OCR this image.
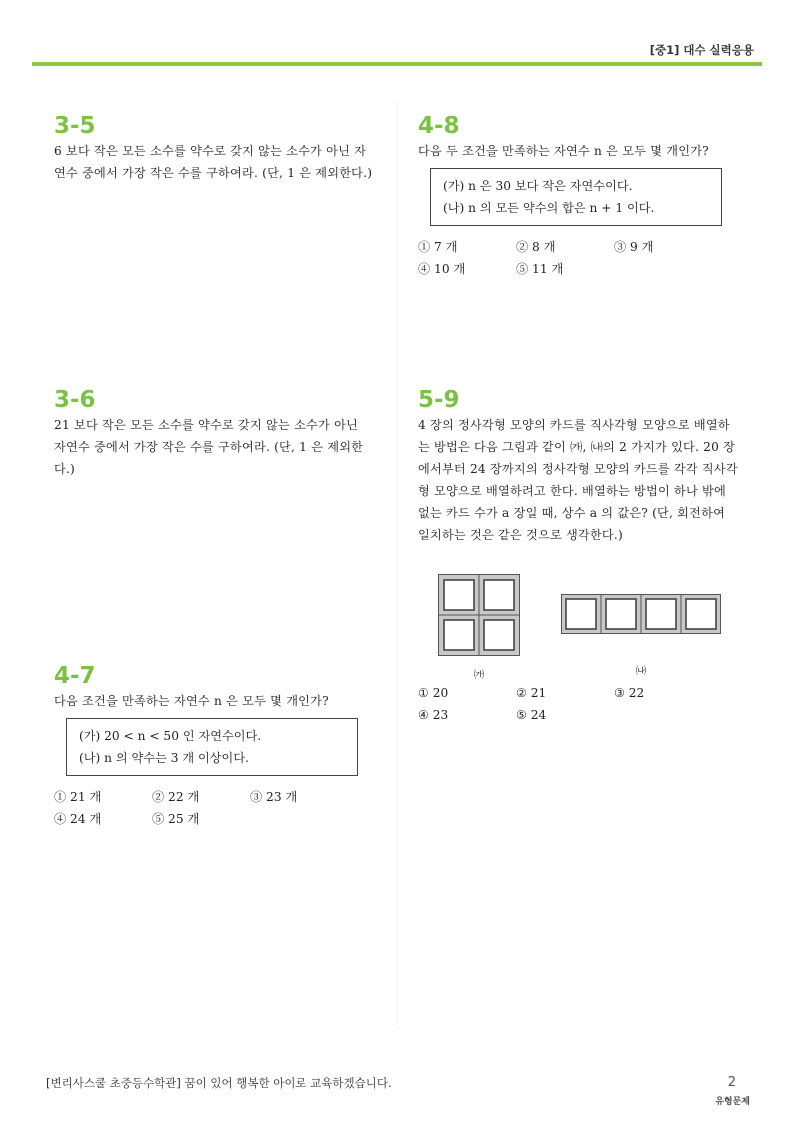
[중1] 대수 실력응용
3-5

6 보다 작은 모든 소수를 약수로 갖지 않는 소수가 아닌 자연수 중에서 가장 작은 수를 구하여라. (단, 1 은 제외한다.)

3-6

21 보다 작은 모든 소수를 약수로 갖지 않는 소수가 아닌 자연수 중에서 가장 작은 수를 구하여라. (단, 1 은 제외한다.)

4-7

다음 조건을 만족하는 자연수 n 은 모두 몇 개인가?

(가) 20 < n < 50 인 자연수이다.
(나) n 의 약수는 3 개 이상이다.
① 21 개	② 22 개	③ 23 개
④ 24 개	⑤ 25 개
4-8

다음 두 조건을 만족하는 자연수 n 은 모두 몇 개인가?

(가) n 은 30 보다 작은 자연수이다.
(나) n 의 모든 약수의 합은 n + 1 이다.
① 7 개	② 8 개	③ 9 개
④ 10 개	⑤ 11 개
5-9

4 장의 정사각형 모양의 카드를 직사각형 모양으로 배열하는 방법은 다음 그림과 같이 ㈎, ㈏의 2 가지가 있다. 20 장에서부터 24 장까지의 정사각형 모양의 카드를 각각 직사각형 모양으로 배열하려고 한다. 배열하는 방법이 하나 밖에 없는 카드 수가 a 장일 때, 상수 a 의 값은? (단, 회전하여 일치하는 것은 같은 것으로 생각한다.)

㈎	㈏
① 20	② 21	③ 22
④ 23	⑤ 24
[변리사스쿨 초중등수학관] 꿈이 있어 행복한 아이로 교육하겠습니다.	2
유형문제
